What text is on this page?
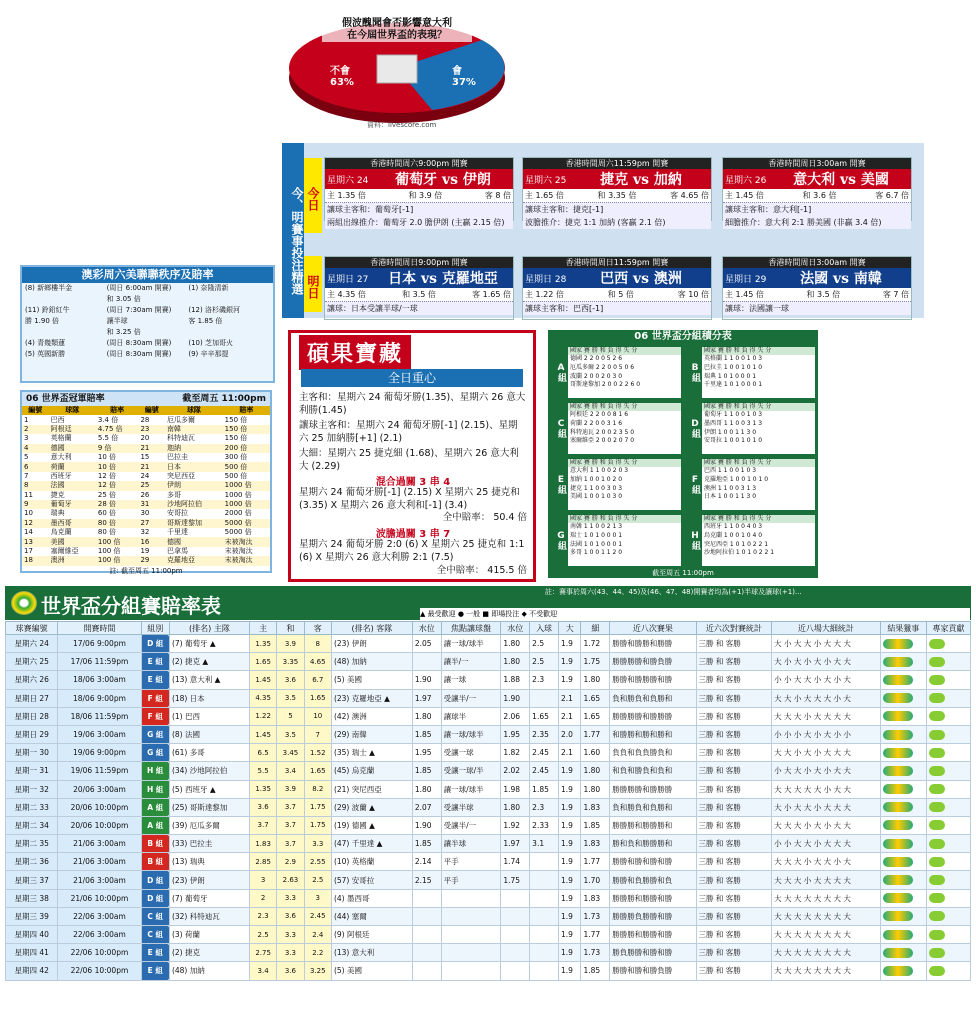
假波醜聞會否影響意大利
在今屆世界盃的表現？
不會
63%
會
37%
資料：livescore.com
今、明賽事投注精選 今日
明日
香港時間周六9:00pm 開賽
星期六 24	葡萄牙 vs 伊朗
主 1.35 倍	和 3.9 倍	客 8 倍
讓球主客和：葡萄牙[-1]
兩組出線推介：葡萄牙 2.0 膽伊朗 (主贏 2.15 倍)
香港時間周六11:59pm 開賽
星期六 25	捷克 vs 加納
主 1.65 倍	和 3.35 倍	客 4.65 倍
讓球主客和：捷克[-1]
波膽推介：捷克 1:1 加納 (客贏 2.1 倍)
香港時間周日3:00am 開賽
星期六 26	意大利 vs 美國
主 1.45 倍	和 3.6 倍	客 6.7 倍
讓球主客和：意大利[-1]
細膽推介：意大利 2:1 勝美國 (非贏 3.4 倍)
香港時間周日9:00pm 開賽
星期日 27	日本 vs 克羅地亞
主 4.35 倍	和 3.5 倍	客 1.65 倍
讓球：日本受讓半球/一球
香港時間周日11:59pm 開賽
星期日 28	巴西 vs 澳洲
主 1.22 倍	和 5 倍	客 10 倍
讓球主客和：巴西[-1]
香港時間周日3:00am 開賽
星期日 29	法國 vs 南韓
主 1.45 倍	和 3.5 倍	客 7 倍
讓球：法國讓一球
澳彩周六美聯聯秩序及賠率
(8) 新鄉樓半金	(周日 6:00am 開賽)	(1) 奈隆清新
和 3.05 倍
(11) 鈴鉛紅牛	(周日 7:30am 開賽)	(12) 洛杉磯銀河
勝 1.90 倍	讓半球	客 1.85 倍
和 3.25 倍
(4) 青幾類蓮	(周日 8:30am 開賽)	(10) 芝加哥火
(5) 英國新勝	(周日 8:30am 開賽)	(9) 辛辛那提
06 世界盃冠軍賠率	截至周五 11:00pm
編號	球隊	賠率	編號	球隊	賠率
1	巴西	3.4 倍	28	厄瓜多爾	150 倍
2	阿根廷	4.75 倍	23	南韓	150 倍
3	英格蘭	5.5 倍	20	科特迪瓦	150 倍
4	德國	9 倍	21	迦納	200 倍
5	意大利	10 倍	15	巴拉圭	300 倍
6	荷蘭	10 倍	21	日本	500 倍
7	西班牙	12 倍	24	突尼西亞	500 倍
8	法國	12 倍	25	伊朗	1000 倍
11	捷克	25 倍	26	多哥	1000 倍
9	葡萄牙	28 倍	31	沙地阿拉伯	1000 倍
10	瑞典	60 倍	30	安哥拉	2000 倍
12	墨西哥	80 倍	27	哥斯達黎加	5000 倍
14	烏克蘭	80 倍	32	千里達	5000 倍
13	美國	100 倍	16	德國	末被淘汰
17	塞爾維亞	100 倍	19	巴拿馬	末被淘汰
18	澳洲	100 倍	29	克羅地亞	末被淘汰
註: 截至周五 11:00pm
碩果寶藏
全日重心
主客和：星期六 24 葡萄牙勝(1.35)、星期六 26 意大利勝(1.45)
讓球主客和：星期六 24 葡萄牙勝[-1] (2.15)、星期六 25 加納勝[+1] (2.1)
大細：星期六 25 捷克細 (1.68)、星期六 26 意大利大 (2.29)
混合過關 3 串 4
星期六 24 葡萄牙勝[-1] (2.15) X 星期六 25 捷克和 (3.35) X 星期六 26 意大利和[-1] (3.4)
全中賠率： 50.4 倍
波膽過關 3 串 7
星期六 24 葡萄牙勝 2:0 (6) X 星期六 25 捷克和 1:1 (6) X 星期六 26 意大利勝 2:1 (7.5)
全中賠率： 415.5 倍
06 世界盃分組積分表
A組
國家 賽 勝 和 負 得 失 分
德國 2 2 0 0 5 2 6
厄瓜多爾 2 2 0 0 5 0 6
波蘭 2 0 0 2 0 3 0
哥斯達黎加 2 0 0 2 2 6 0
B組
國家 賽 勝 和 負 得 失 分
英格蘭 1 1 0 0 1 0 3
巴拉圭 1 0 0 1 0 1 0
瑞典 1 0 1 0 0 0 1
千里達 1 0 1 0 0 0 1
C組
國家 賽 勝 和 負 得 失 分
阿根廷 2 2 0 0 8 1 6
荷蘭 2 2 0 0 3 1 6
科特迪瓦 2 0 0 2 3 5 0
塞爾維亞 2 0 0 2 0 7 0
D組
國家 賽 勝 和 負 得 失 分
葡萄牙 1 1 0 0 1 0 3
墨西哥 1 1 0 0 3 1 3
伊朗 1 0 0 1 1 3 0
安哥拉 1 0 0 1 0 1 0
E組
國家 賽 勝 和 負 得 失 分
意大利 1 1 0 0 2 0 3
加納 1 0 0 1 0 2 0
捷克 1 1 0 0 3 0 3
美國 1 0 0 1 0 3 0
F組
國家 賽 勝 和 負 得 失 分
巴西 1 1 0 0 1 0 3
克羅地亞 1 0 0 1 0 1 0
澳洲 1 1 0 0 3 1 3
日本 1 0 0 1 1 3 0
G組
國家 賽 勝 和 負 得 失 分
南韓 1 1 0 0 2 1 3
瑞士 1 0 1 0 0 0 1
法國 1 0 1 0 0 0 1
多哥 1 0 0 1 1 2 0
H組
國家 賽 勝 和 負 得 失 分
西班牙 1 1 0 0 4 0 3
烏克蘭 1 0 0 1 0 4 0
突尼西亞 1 0 1 0 2 2 1
沙地阿拉伯 1 0 1 0 2 2 1
截至周五 11:00pm
世界盃分組賽賠率表
註：賽事於周六(43、44、45)及(46、47、48)開賽者均為(+1)半球及讓球(+1)...
▲ 最受歡迎 ● 一般 ■ 即場投注 ◆ 不受歡迎
球賽編號	開賽時間	組別	(排名) 主隊	主	和	客	(排名) 客隊	水位	焦點讓球盤	水位	入球	大	細	近八次賽果	近六次對賽統計	近八場大細統計	結果獵事	專家貢獻
星期六 24	17/06 9:00pm	D 組	(7) 葡萄牙 ▲	1.35	3.9	8	(23) 伊朗	2.05	讓一球/球半	1.80	2.5	1.9	1.72	勝勝和勝勝和勝勝	三勝 和 客勝	大 小 大 大 小 大 大 大		
星期六 25	17/06 11:59pm	E 組	(2) 捷克 ▲	1.65	3.35	4.65	(48) 加納		讓半/一	1.80	2.5	1.9	1.75	勝勝勝勝和勝負勝	三勝 和 客勝	大 小 大 小 大 小 大 大		
星期六 26	18/06 3:00am	E 組	(13) 意大利 ▲	1.45	3.6	6.7	(5) 美國	1.90	讓一球	1.88	2.3	1.9	1.80	勝勝和勝勝勝和勝	三勝 和 客勝	小 小 大 大 小 大 小 大		
星期日 27	18/06 9:00pm	F 組	(18) 日本	4.35	3.5	1.65	(23) 克羅地亞 ▲	1.97	受讓半/一	1.90		2.1	1.65	負和勝負和負勝和	三勝 和 客勝	大 大 小 大 大 大 小 大		
星期日 28	18/06 11:59pm	F 組	(1) 巴西	1.22	5	10	(42) 澳洲	1.80	讓球半	2.06	1.65	2.1	1.65	勝勝勝勝和勝勝勝	三勝 和 客勝	大 大 大 小 大 大 大 大		
星期日 29	19/06 3:00am	G 組	(8) 法國	1.45	3.5	7	(29) 南韓	1.85	讓一球/球半	1.95	2.35	2.0	1.77	和勝勝和勝和勝和	三勝 和 客勝	小 小 小 大 小 大 小 小		
星期一 30	19/06 9:00pm	G 組	(61) 多哥	6.5	3.45	1.52	(35) 瑞士 ▲	1.95	受讓一球	1.82	2.45	2.1	1.60	負負和負負勝負和	三勝 和 客勝	大 大 小 大 小 大 大 大		
星期一 31	19/06 11:59pm	H 組	(34) 沙地阿拉伯	5.5	3.4	1.65	(45) 烏克蘭	1.85	受讓一球/半	2.02	2.45	1.9	1.80	和負和勝負和負和	三勝 和 客勝	小 大 大 小 大 小 大 大		
星期一 32	20/06 3:00am	H 組	(5) 西班牙 ▲	1.35	3.9	8.2	(21) 突尼西亞	1.80	讓一球/球半	1.98	1.85	1.9	1.80	勝勝勝勝和勝勝勝	三勝 和 客勝	大 大 大 大 大 小 大 大		
星期二 33	20/06 10:00pm	A 組	(25) 哥斯達黎加	3.6	3.7	1.75	(29) 波蘭 ▲	2.07	受讓半球	1.80	2.3	1.9	1.83	負和勝負和負勝和	三勝 和 客勝	大 小 大 大 小 大 大 大		
星期二 34	20/06 10:00pm	A 組	(39) 厄瓜多爾	3.7	3.7	1.75	(19) 德國 ▲	1.90	受讓半/一	1.92	2.33	1.9	1.85	勝勝勝和勝勝勝和	三勝 和 客勝	大 大 大 小 大 小 大 大		
星期二 35	21/06 3:00am	B 組	(33) 巴拉圭	1.83	3.7	3.3	(47) 千里達 ▲	1.85	讓半球	1.97	3.1	1.9	1.83	勝和負和勝勝勝和	三勝 和 客勝	小 小 大 大 小 大 大 大		
星期二 36	21/06 3:00am	B 組	(13) 瑞典	2.85	2.9	2.55	(10) 英格蘭	2.14	平手	1.74		1.9	1.77	勝勝和勝和勝和勝	三勝 和 客勝	大 大 大 小 大 大 小 大		
星期三 37	21/06 3:00am	D 組	(23) 伊朗	3	2.63	2.5	(57) 安哥拉	2.15	平手	1.75		1.9	1.70	勝勝和負勝勝和負	三勝 和 客勝	大 大 大 小 大 大 大 大		
星期三 38	21/06 10:00pm	D 組	(7) 葡萄牙	2	3.3	3	(4) 墨西哥					1.9	1.83	勝勝勝和勝勝和勝	三勝 和 客勝	大 大 大 大 大 大 大 大		
星期三 39	22/06 3:00am	C 組	(32) 科特迪瓦	2.3	3.6	2.45	(44) 塞爾					1.9	1.73	勝勝勝負勝勝和勝	三勝 和 客勝	大 大 大 大 大 大 大 大		
星期四 40	22/06 3:00am	C 組	(3) 荷蘭	2.5	3.3	2.4	(9) 阿根廷					1.9	1.77	勝勝勝和勝勝和勝	三勝 和 客勝	大 大 大 大 大 大 大 大		
星期四 41	22/06 10:00pm	E 組	(2) 捷克	2.75	3.3	2.2	(13) 意大利					1.9	1.73	勝負勝勝和勝和勝	三勝 和 客勝	大 大 大 大 大 大 大 大		
星期四 42	22/06 10:00pm	E 組	(48) 加納	3.4	3.6	3.25	(5) 美國					1.9	1.85	勝勝和勝和勝負勝	三勝 和 客勝	大 大 大 大 大 大 大 大		
